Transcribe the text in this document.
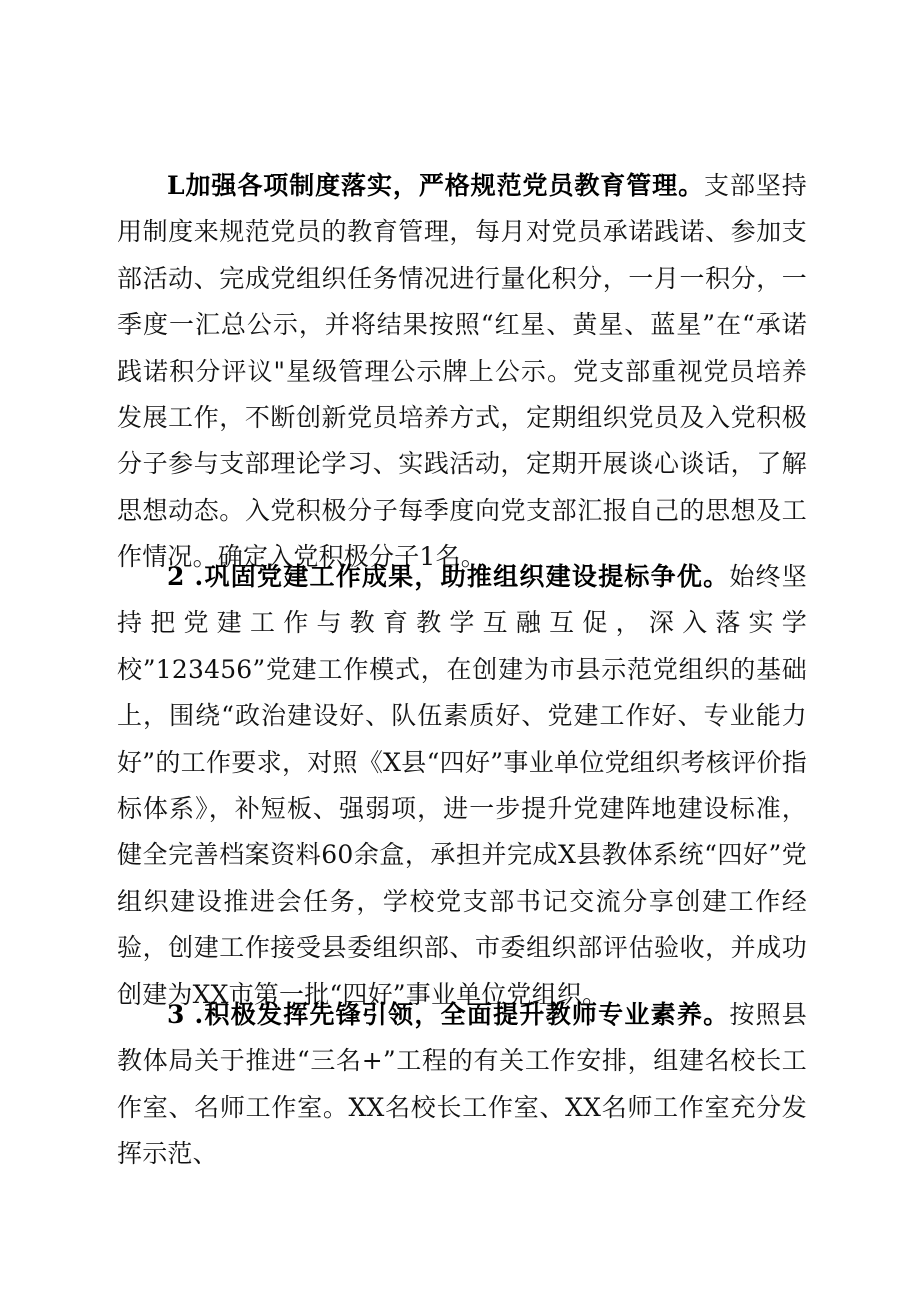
L加强各项制度落实，严格规范党员教育管理。支部坚持用制度来规范党员的教育管理，每月对党员承诺践诺、参加支部活动、完成党组织任务情况进行量化积分，一月一积分，一季度一汇总公示，并将结果按照“红星、黄星、蓝星”在“承诺践诺积分评议"星级管理公示牌上公示。党支部重视党员培养发展工作，不断创新党员培养方式，定期组织党员及入党积极分子参与支部理论学习、实践活动，定期开展谈心谈话，了解思想动态。入党积极分子每季度向党支部汇报自己的思想及工作情况。确定入党积极分子1名。

2 .巩固党建工作成果，助推组织建设提标争优。始终坚持把党建工作与教育教学互融互促，深入落实学校”123456”党建工作模式，在创建为市县示范党组织的基础上，围绕“政治建设好、队伍素质好、党建工作好、专业能力好”的工作要求，对照《X县“四好”事业单位党组织考核评价指标体系》，补短板、强弱项，进一步提升党建阵地建设标准，健全完善档案资料60余盒，承担并完成X县教体系统“四好”党组织建设推进会任务，学校党支部书记交流分享创建工作经验，创建工作接受县委组织部、市委组织部评估验收，并成功创建为XX市第一批“四好”事业单位党组织。

3 .积极发挥先锋引领，全面提升教师专业素养。按照县教体局关于推进“三名+”工程的有关工作安排，组建名校长工作室、名师工作室。XX名校长工作室、XX名师工作室充分发挥示范、
